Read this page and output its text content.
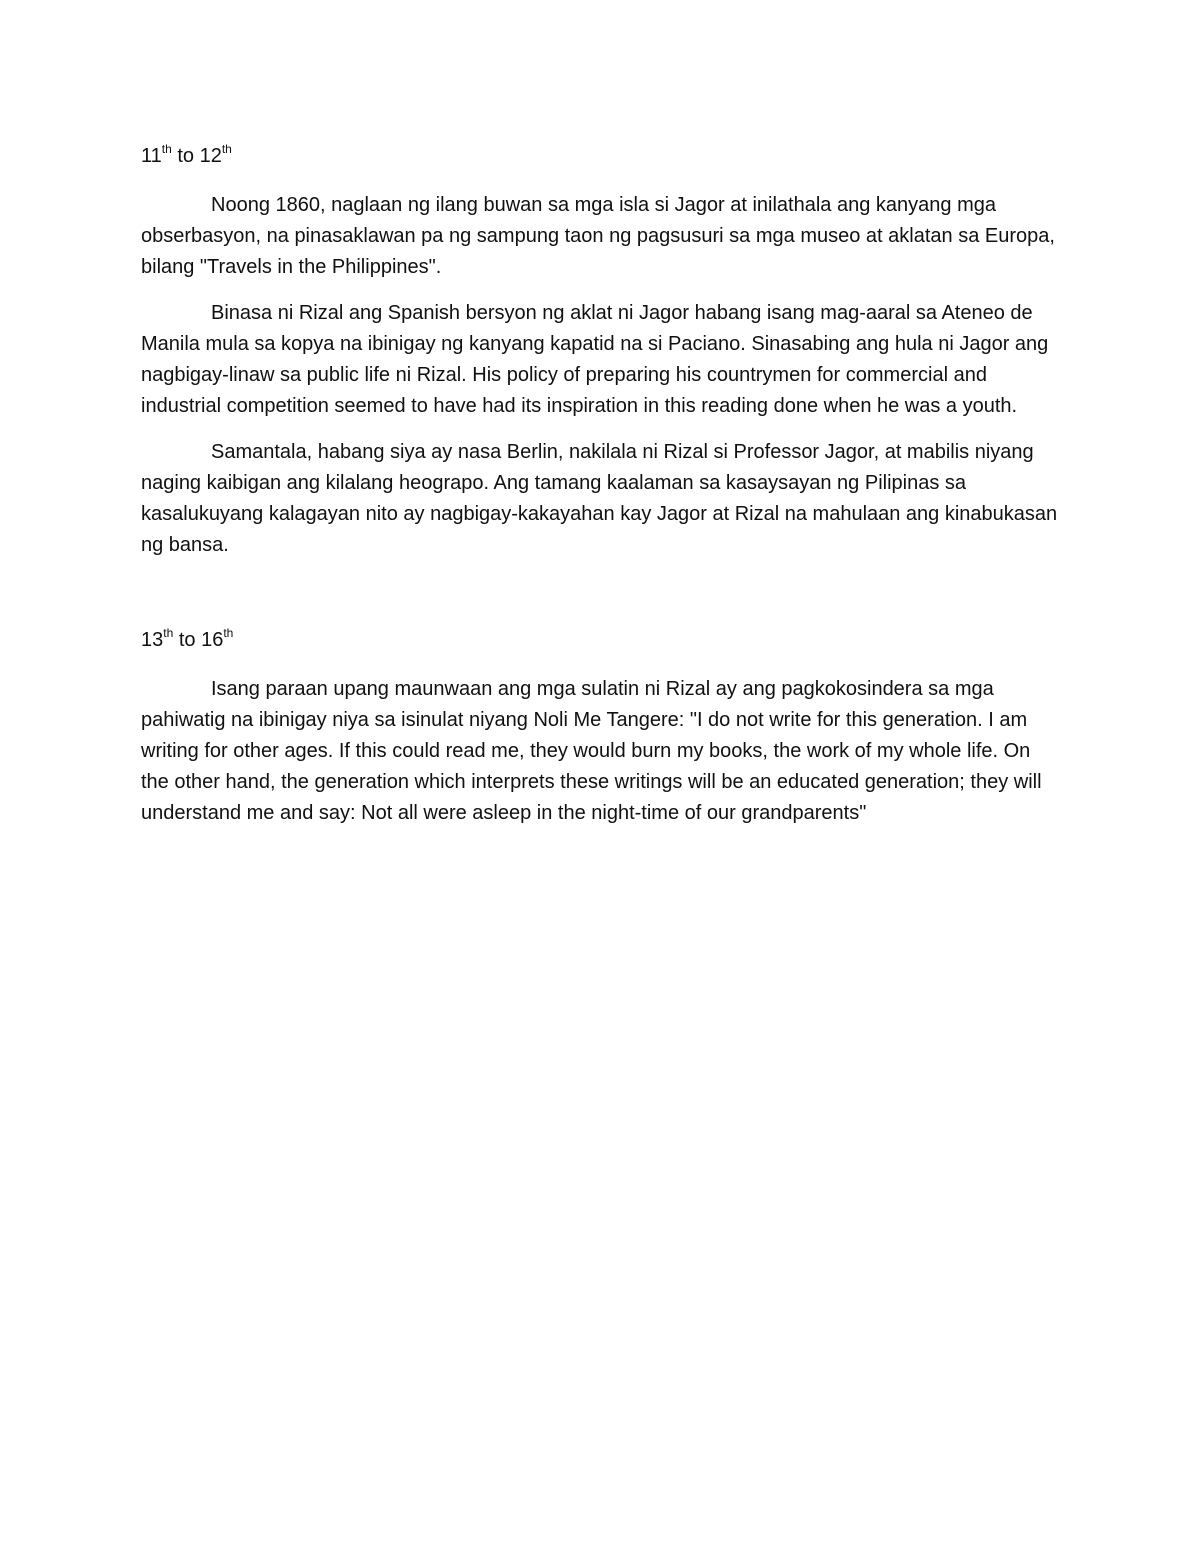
11th to 12th

Noong 1860, naglaan ng ilang buwan sa mga isla si Jagor at inilathala ang kanyang mga obserbasyon, na pinasaklawan pa ng sampung taon ng pagsusuri sa mga museo at aklatan sa Europa, bilang "Travels in the Philippines".

Binasa ni Rizal ang Spanish bersyon ng aklat ni Jagor habang isang mag-aaral sa Ateneo de Manila mula sa kopya na ibinigay ng kanyang kapatid na si Paciano. Sinasabing ang hula ni Jagor ang nagbigay-linaw sa public life ni Rizal. His policy of preparing his countrymen for commercial and industrial competition seemed to have had its inspiration in this reading done when he was a youth.

Samantala, habang siya ay nasa Berlin, nakilala ni Rizal si Professor Jagor, at mabilis niyang naging kaibigan ang kilalang heograpo. Ang tamang kaalaman sa kasaysayan ng Pilipinas sa kasalukuyang kalagayan nito ay nagbigay-kakayahan kay Jagor at Rizal na mahulaan ang kinabukasan ng bansa.

13th to 16th

Isang paraan upang maunwaan ang mga sulatin ni Rizal ay ang pagkokosindera sa mga pahiwatig na ibinigay niya sa isinulat niyang Noli Me Tangere: "I do not write for this generation. I am writing for other ages. If this could read me, they would burn my books, the work of my whole life. On the other hand, the generation which interprets these writings will be an educated generation; they will understand me and say: Not all were asleep in the night-time of our grandparents"
